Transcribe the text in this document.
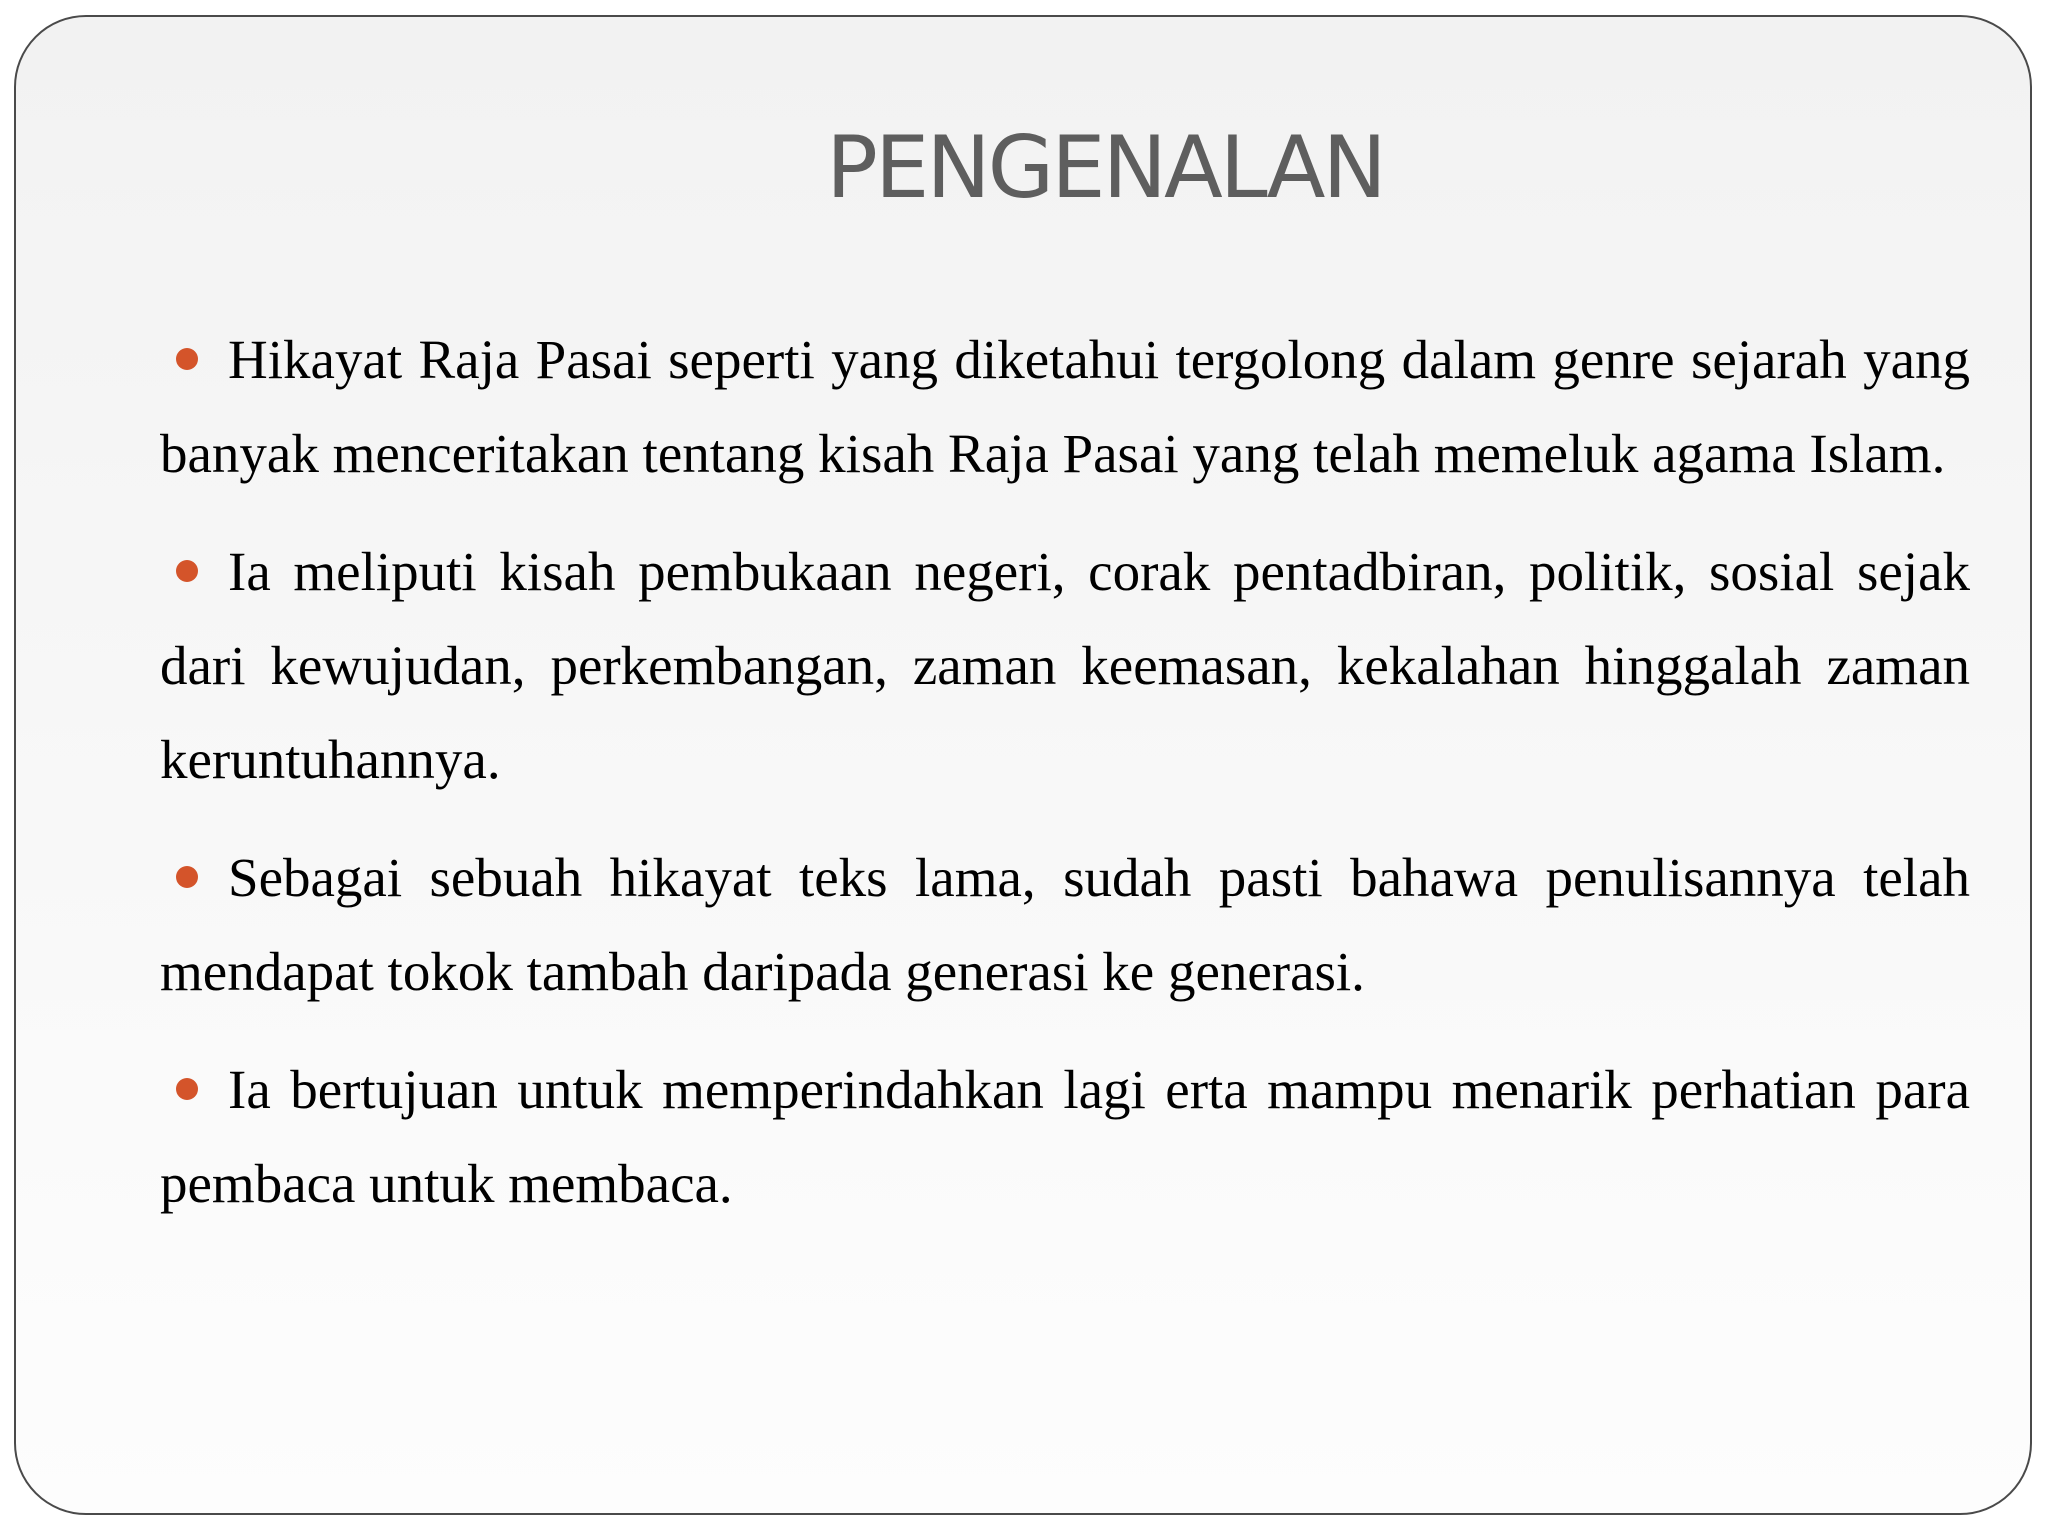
PENGENALAN
Hikayat Raja Pasai seperti yang diketahui tergolong dalam genre sejarah yang banyak menceritakan tentang kisah Raja Pasai yang telah memeluk agama Islam.
Ia meliputi kisah pembukaan negeri, corak pentadbiran, politik, sosial sejak dari kewujudan, perkembangan, zaman keemasan, kekalahan hinggalah zaman keruntuhannya.
Sebagai sebuah hikayat teks lama, sudah pasti bahawa penulisannya telah mendapat tokok tambah daripada generasi ke generasi.
Ia bertujuan untuk memperindahkan lagi erta mampu menarik perhatian para pembaca untuk membaca.
